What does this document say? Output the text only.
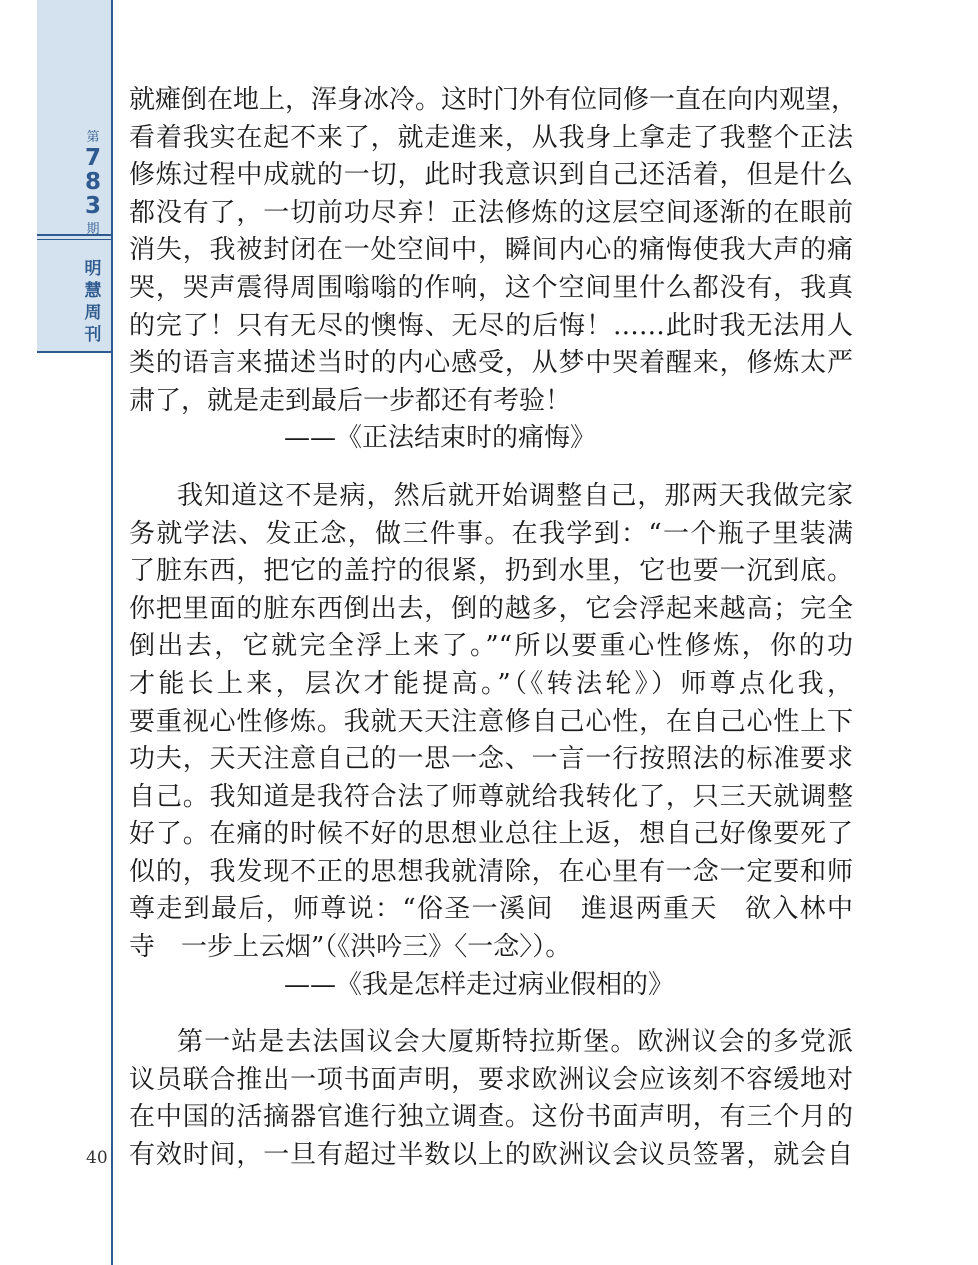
第
7
8
3
期
明
慧
周
刊
40
就瘫倒在地上，浑身冰冷。这时门外有位同修一直在向内观望，
看着我实在起不来了，就走進来，从我身上拿走了我整个正法
修炼过程中成就的一切，此时我意识到自己还活着，但是什么
都没有了，一切前功尽弃！正法修炼的这层空间逐渐的在眼前
消失，我被封闭在一处空间中，瞬间内心的痛悔使我大声的痛
哭，哭声震得周围嗡嗡的作响，这个空间里什么都没有，我真
的完了！只有无尽的懊悔、无尽的后悔！……此时我无法用人
类的语言来描述当时的内心感受，从梦中哭着醒来，修炼太严
肃了，就是走到最后一步都还有考验！
——《正法结束时的痛悔》
我知道这不是病，然后就开始调整自己，那两天我做完家
务就学法、发正念，做三件事。在我学到：“一个瓶子里装满
了脏东西，把它的盖拧的很紧，扔到水里，它也要一沉到底。
你把里面的脏东西倒出去，倒的越多，它会浮起来越高；完全
倒出去，它就完全浮上来了。”“所以要重心性修炼，你的功
才能长上来，层次才能提高。”（《转法轮》）师尊点化我，
要重视心性修炼。我就天天注意修自己心性，在自己心性上下
功夫，天天注意自己的一思一念、一言一行按照法的标准要求
自己。我知道是我符合法了师尊就给我转化了，只三天就调整
好了。在痛的时候不好的思想业总往上返，想自己好像要死了
似的，我发现不正的思想我就清除，在心里有一念一定要和师
尊走到最后，师尊说：“俗圣一溪间　進退两重天　欲入林中
寺　一步上云烟”（《洪吟三》〈一念〉）。
——《我是怎样走过病业假相的》
第一站是去法国议会大厦斯特拉斯堡。欧洲议会的多党派
议员联合推出一项书面声明，要求欧洲议会应该刻不容缓地对
在中国的活摘器官進行独立调查。这份书面声明，有三个月的
有效时间，一旦有超过半数以上的欧洲议会议员签署，就会自
